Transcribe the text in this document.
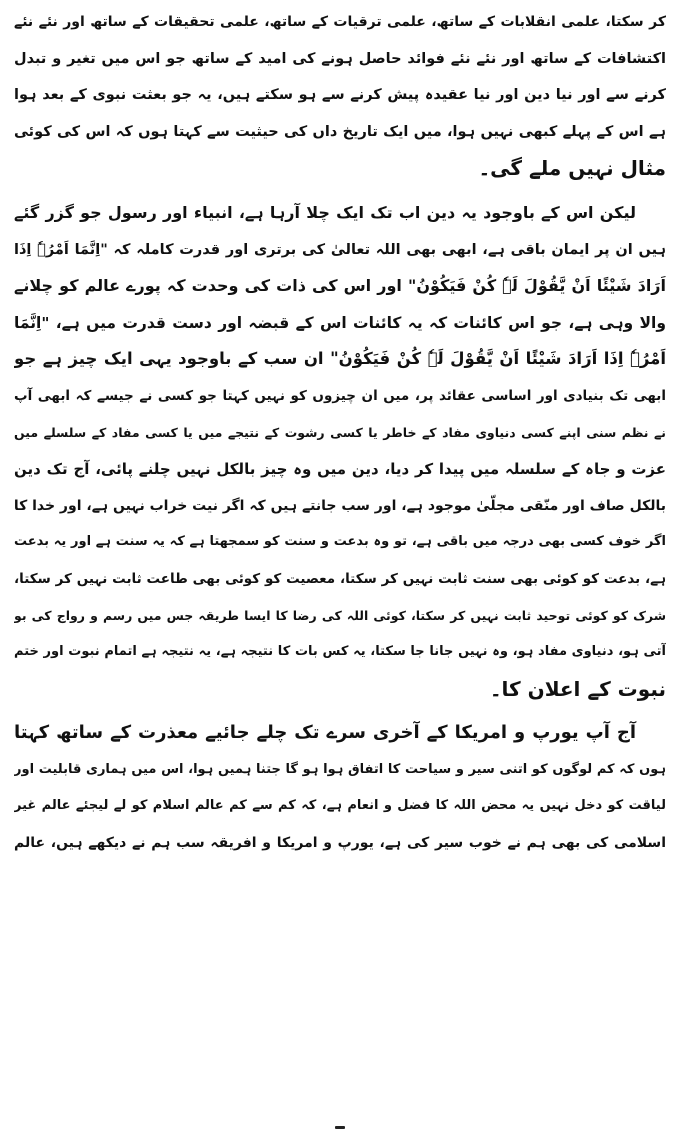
کر سکتا، علمی انقلابات کے ساتھ، علمی ترقیات کے ساتھ، علمی تحقیقات کے ساتھ اور نئے نئے
اکتشافات کے ساتھ اور نئے نئے فوائد حاصل ہونے کی امید کے ساتھ جو اس میں تغیر و تبدل
کرنے سے اور نیا دین اور نیا عقیدہ پیش کرنے سے ہو سکتے ہیں، یہ جو بعثت نبوی کے بعد ہوا
ہے اس کے پہلے کبھی نہیں ہوا، میں ایک تاریخ داں کی حیثیت سے کہتا ہوں کہ اس کی کوئی
مثال نہیں ملے گی۔
لیکن اس کے باوجود یہ دین اب تک ایک چلا آرہا ہے، انبیاء اور رسول جو گزر گئے
ہیں ان پر ایمان باقی ہے، ابھی بھی اللہ تعالیٰ کی برتری اور قدرت کاملہ کہ "اِنَّمَا اَمْرُہٗ اِذَا
اَرَادَ شَیْئًا اَنْ یَّقُوْلَ لَہٗ کُنْ فَیَکُوْنُ" اور اس کی ذات کی وحدت کہ پورے عالم کو چلانے
والا وہی ہے، جو اس کائنات کہ یہ کائنات اس کے قبضہ اور دست قدرت میں ہے، "اِنَّمَا
اَمْرُہٗ اِذَا اَرَادَ شَیْئًا اَنْ یَّقُوْلَ لَہٗ کُنْ فَیَکُوْنُ" ان سب کے باوجود یہی ایک چیز ہے جو
ابھی تک بنیادی اور اساسی عقائد پر، میں ان چیزوں کو نہیں کہتا جو کسی نے جیسے کہ ابھی آپ
نے نظم سنی اپنے کسی دنیاوی مفاد کے خاطر یا کسی رشوت کے نتیجے میں یا کسی مفاد کے سلسلے میں
عزت و جاہ کے سلسلہ میں پیدا کر دیا، دین میں وہ چیز بالکل نہیں چلنے پائی، آج تک دین
بالکل صاف اور منّقی مجلّیٰ موجود ہے، اور سب جانتے ہیں کہ اگر نیت خراب نہیں ہے، اور خدا کا
اگر خوف کسی بھی درجہ میں باقی ہے، تو وہ بدعت و سنت کو سمجھتا ہے کہ یہ سنت ہے اور یہ بدعت
ہے، بدعت کو کوئی بھی سنت ثابت نہیں کر سکتا، معصیت کو کوئی بھی طاعت ثابت نہیں کر سکتا،
شرک کو کوئی توحید ثابت نہیں کر سکتا، کوئی اللہ کی رضا کا ایسا طریقہ جس میں رسم و رواج کی بو
آتی ہو، دنیاوی مفاد ہو، وہ نہیں جانا جا سکتا، یہ کس بات کا نتیجہ ہے، یہ نتیجہ ہے اتمام نبوت اور ختم
نبوت کے اعلان کا۔
آج آپ یورپ و امریکا کے آخری سرے تک چلے جائیے معذرت کے ساتھ کہتا
ہوں کہ کم لوگوں کو اتنی سیر و سیاحت کا اتفاق ہوا ہو گا جتنا ہمیں ہوا، اس میں ہماری قابلیت اور
لیاقت کو دخل نہیں یہ محض اللہ کا فضل و انعام ہے، کہ کم سے کم عالم اسلام کو لے لیجئے عالم غیر
اسلامی کی بھی ہم نے خوب سیر کی ہے، یورپ و امریکا و افریقہ سب ہم نے دیکھے ہیں، عالم
